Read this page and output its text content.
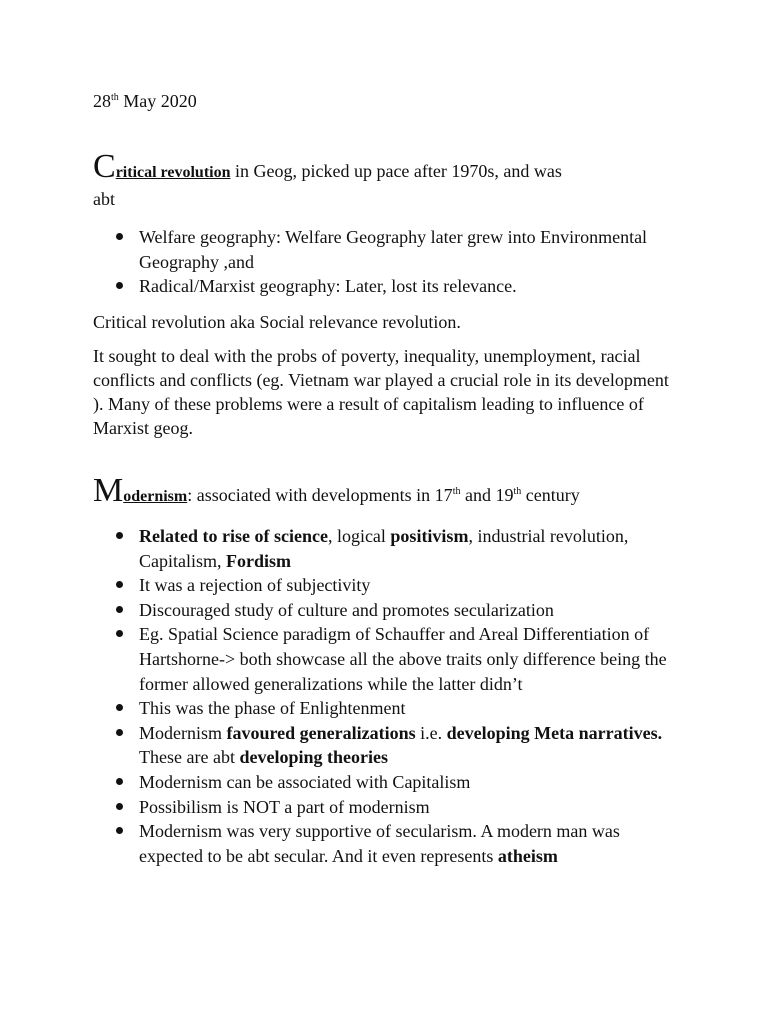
28th May 2020
Critical revolution in Geog, picked up pace after 1970s, and was
abt
Welfare geography: Welfare Geography later grew into Environmental Geography ,and
Radical/Marxist geography: Later, lost its relevance.

Critical revolution aka Social relevance revolution.

It sought to deal with the probs of poverty, inequality, unemployment, racial conflicts and conflicts (eg. Vietnam war played a crucial role in its development ). Many of these problems were a result of capitalism leading to influence of Marxist geog.

Modernism: associated with developments in 17th and 19th century
Related to rise of science, logical positivism, industrial revolution, Capitalism, Fordism
It was a rejection of subjectivity
Discouraged study of culture and promotes secularization
Eg. Spatial Science paradigm of Schauffer and Areal Differentiation of Hartshorne-> both showcase all the above traits only difference being the former allowed generalizations while the latter didn’t
This was the phase of Enlightenment
Modernism favoured generalizations i.e. developing Meta narratives. These are abt developing theories
Modernism can be associated with Capitalism
Possibilism is NOT a part of modernism
Modernism was very supportive of secularism. A modern man was expected to be abt secular. And it even represents atheism
